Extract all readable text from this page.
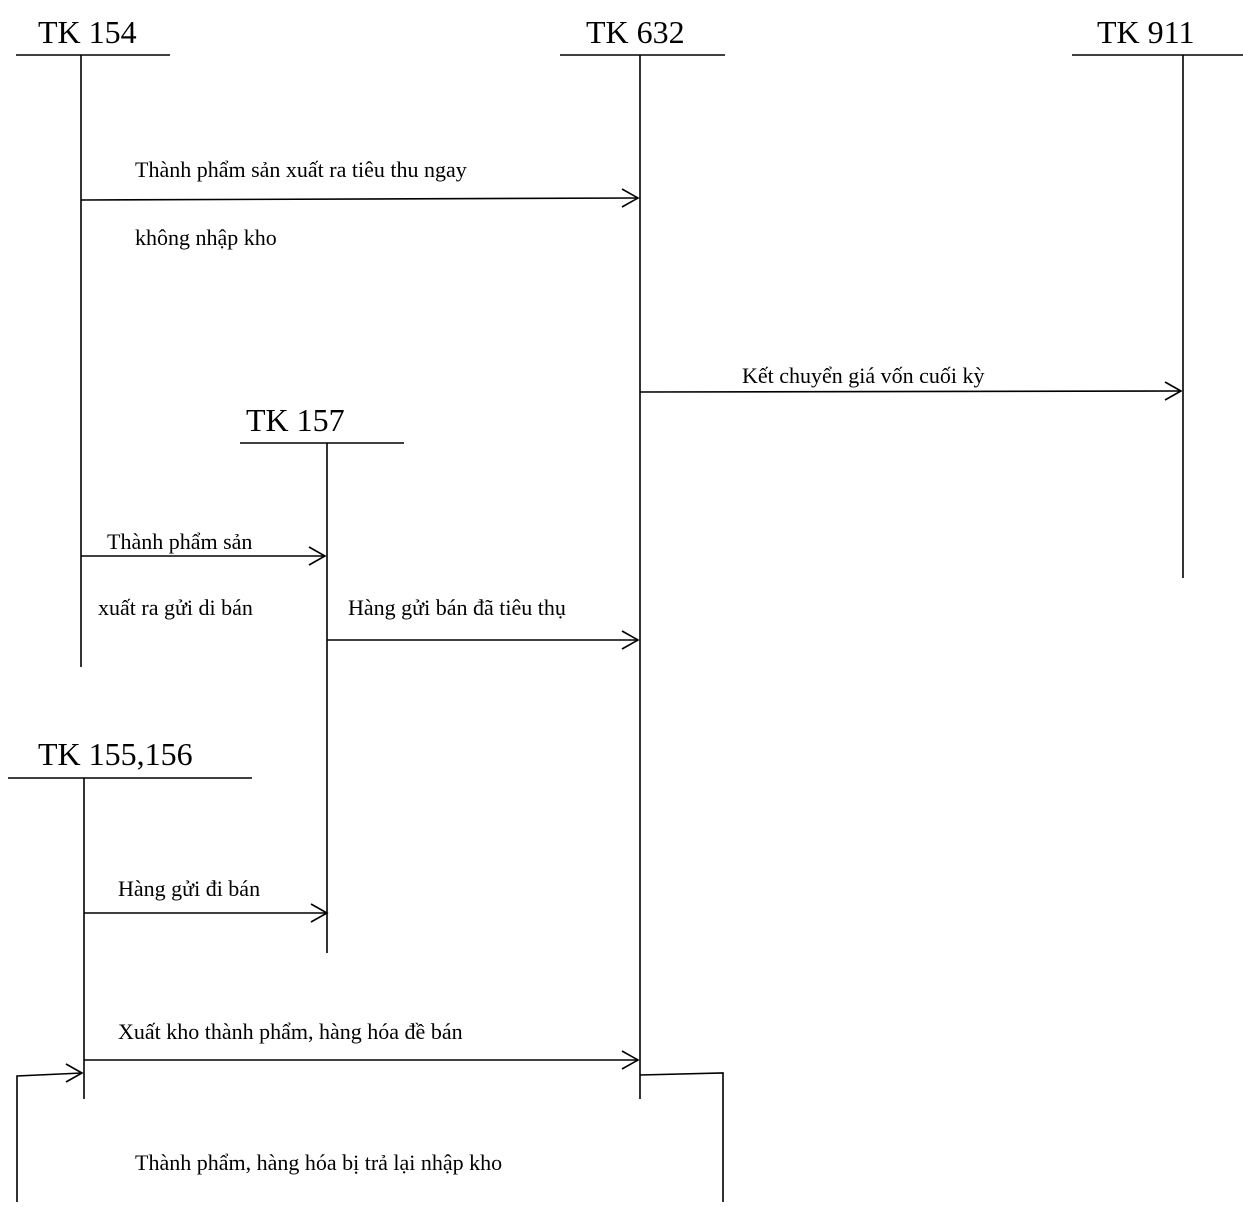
TK 154	TK 632	TK 911
TK 157
TK 155,156
Thành phẩm sản xuất ra tiêu thu ngay
không nhập kho
Kết chuyển giá vốn cuối kỳ
Thành phẩm sản
xuất ra gửi di bán	Hàng gửi bán đã tiêu thụ
Hàng gửi đi bán
Xuất kho thành phẩm, hàng hóa đề bán
Thành phẩm, hàng hóa bị trả lại nhập kho
